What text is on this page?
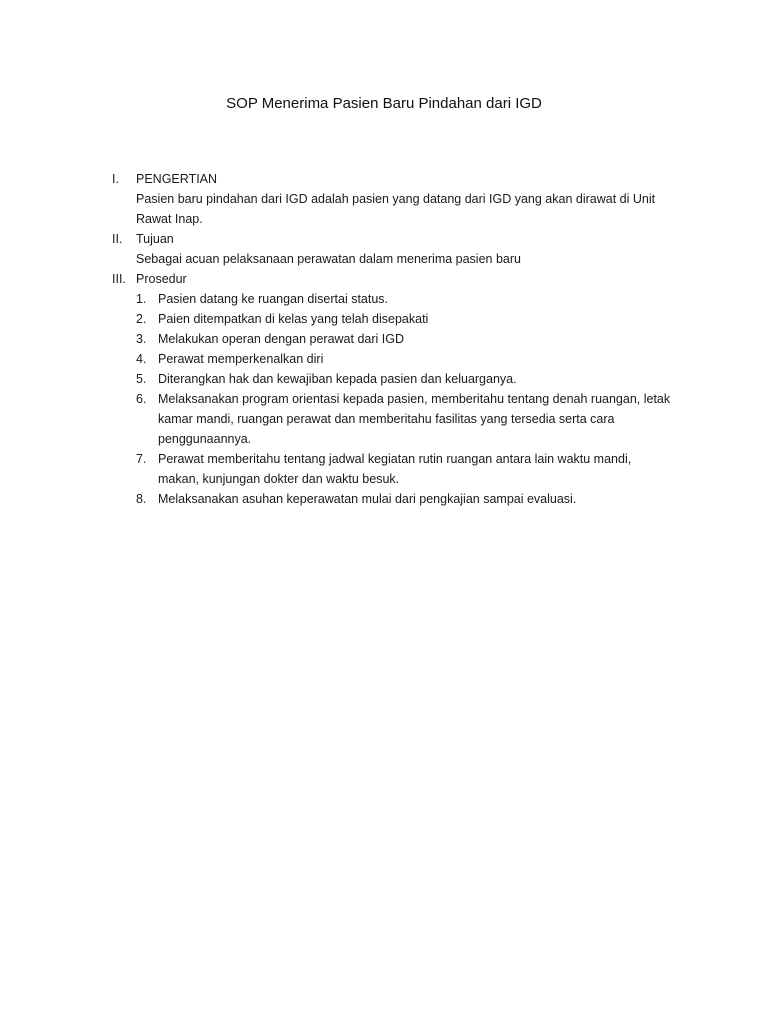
SOP Menerima Pasien Baru Pindahan dari IGD
I.	PENGERTIAN
Pasien baru pindahan dari IGD adalah pasien yang datang dari IGD yang akan dirawat di Unit Rawat Inap.
II.	Tujuan
Sebagai acuan pelaksanaan perawatan dalam menerima pasien baru
III. Prosedur
1. Pasien datang ke ruangan disertai status.
2. Paien ditempatkan di kelas yang telah disepakati
3. Melakukan operan dengan perawat dari IGD
4. Perawat memperkenalkan diri
5. Diterangkan hak dan kewajiban kepada pasien dan keluarganya.
6. Melaksanakan program orientasi kepada pasien, memberitahu tentang denah ruangan, letak kamar mandi, ruangan perawat dan memberitahu fasilitas yang tersedia serta cara penggunaannya.
7. Perawat memberitahu tentang jadwal kegiatan rutin ruangan antara lain waktu mandi, makan, kunjungan dokter dan waktu besuk.
8. Melaksanakan asuhan keperawatan mulai dari pengkajian sampai evaluasi.
